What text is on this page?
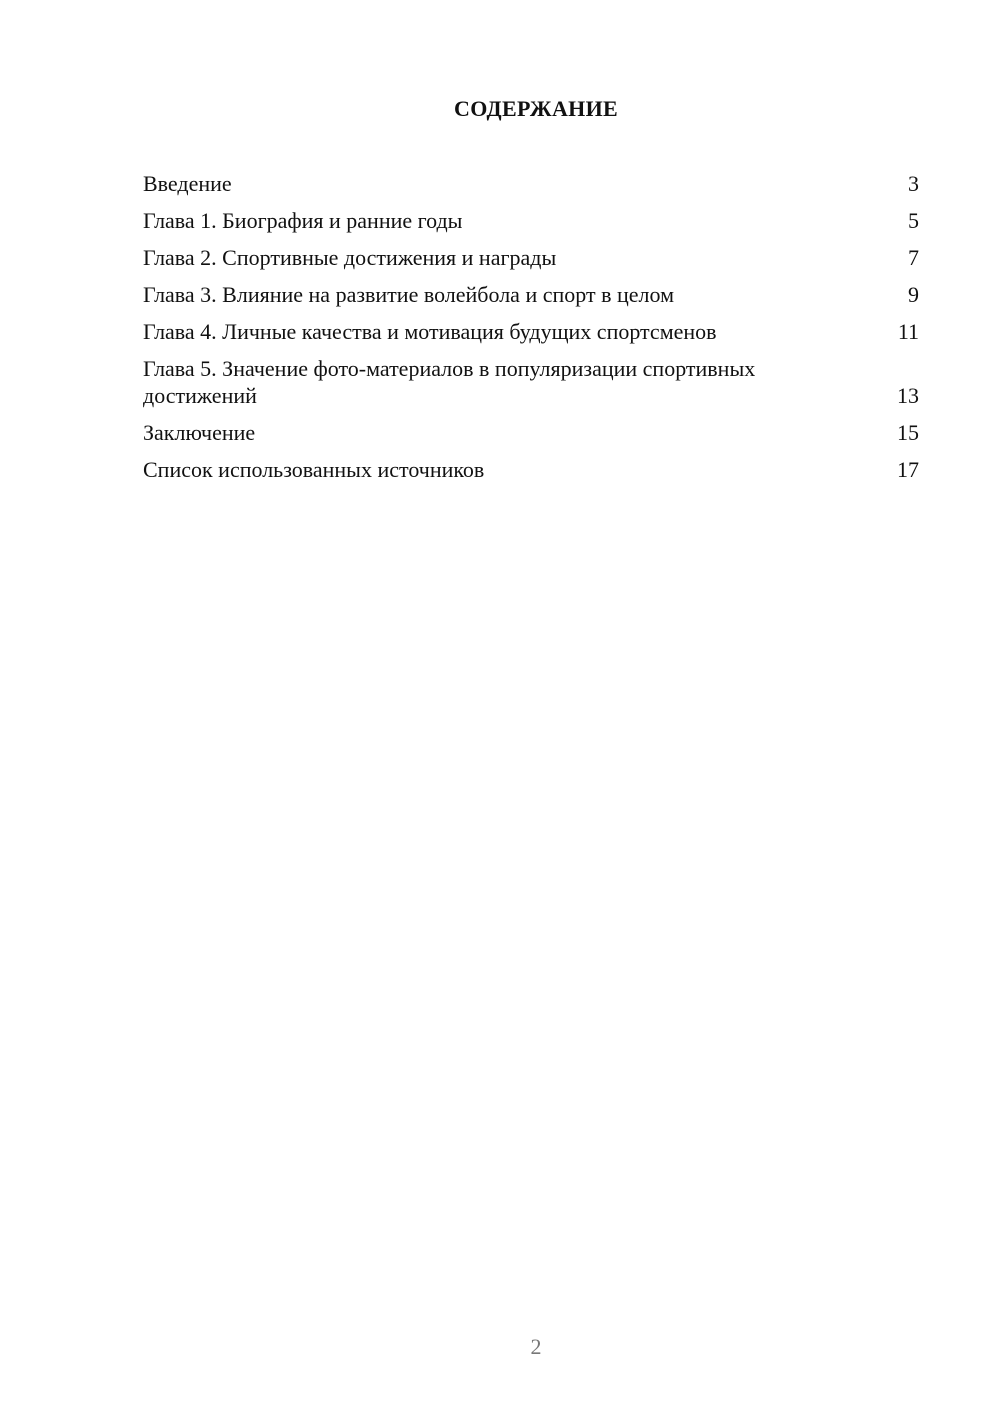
СОДЕРЖАНИЕ
Введение	3
Глава 1. Биография и ранние годы	5
Глава 2. Спортивные достижения и награды	7
Глава 3. Влияние на развитие волейбола и спорт в целом	9
Глава 4. Личные качества и мотивация будущих спортсменов	11
Глава 5. Значение фото-материалов в популяризации спортивных достижений	13
Заключение	15
Список использованных источников	17
2
